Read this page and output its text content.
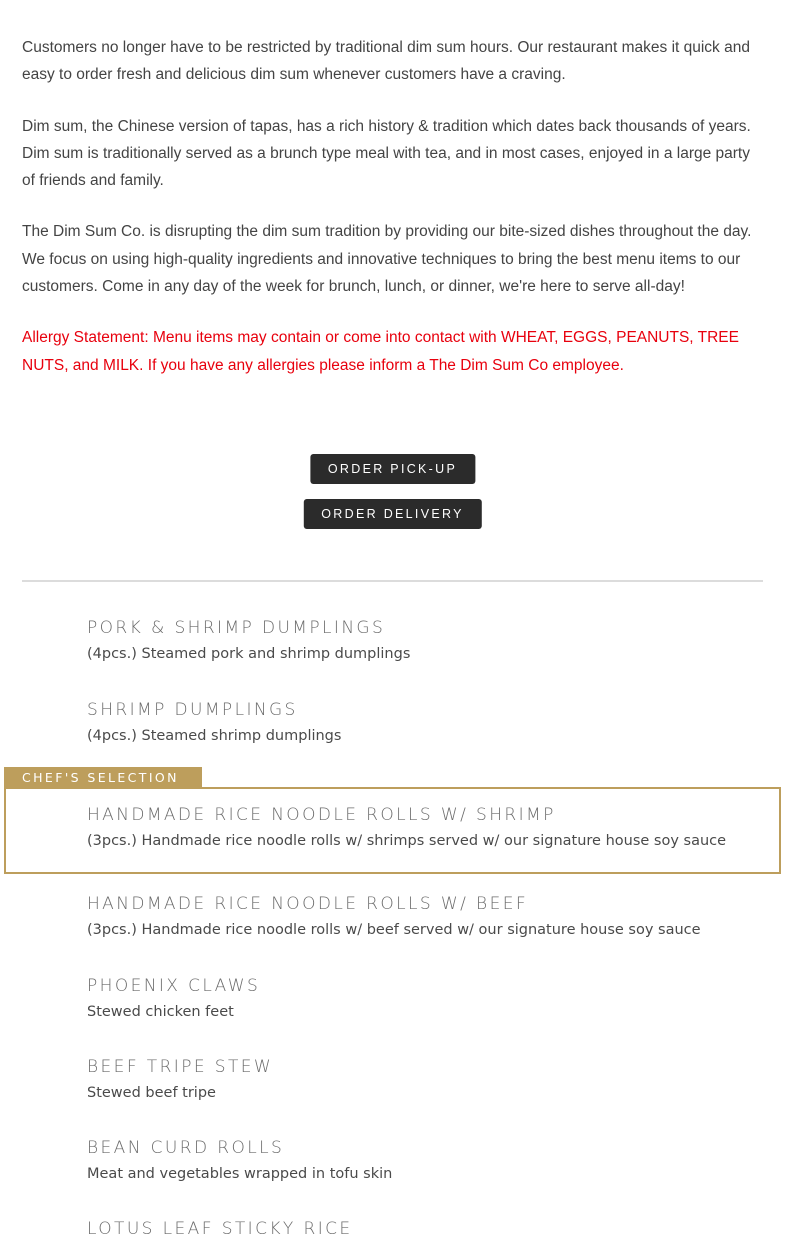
Customers no longer have to be restricted by traditional dim sum hours. Our restaurant makes it quick and easy to order fresh and delicious dim sum whenever customers have a craving.

Dim sum, the Chinese version of tapas, has a rich history & tradition which dates back thousands of years. Dim sum is traditionally served as a brunch type meal with tea, and in most cases, enjoyed in a large party of friends and family.

The Dim Sum Co. is disrupting the dim sum tradition by providing our bite-sized dishes throughout the day. We focus on using high-quality ingredients and innovative techniques to bring the best menu items to our customers. Come in any day of the week for brunch, lunch, or dinner, we're here to serve all-day!

Allergy Statement: Menu items may contain or come into contact with WHEAT, EGGS, PEANUTS, TREE NUTS, and MILK. If you have any allergies please inform a The Dim Sum Co employee.

ORDER PICK-UP
ORDER DELIVERY
PORK & SHRIMP DUMPLINGS
(4pcs.) Steamed pork and shrimp dumplings
SHRIMP DUMPLINGS
(4pcs.) Steamed shrimp dumplings
CHEF'S SELECTION
HANDMADE RICE NOODLE ROLLS W/ SHRIMP
(3pcs.) Handmade rice noodle rolls w/ shrimps served w/ our signature house soy sauce
HANDMADE RICE NOODLE ROLLS W/ BEEF
(3pcs.) Handmade rice noodle rolls w/ beef served w/ our signature house soy sauce
PHOENIX CLAWS
Stewed chicken feet
BEEF TRIPE STEW
Stewed beef tripe
BEAN CURD ROLLS
Meat and vegetables wrapped in tofu skin
LOTUS LEAF STICKY RICE
